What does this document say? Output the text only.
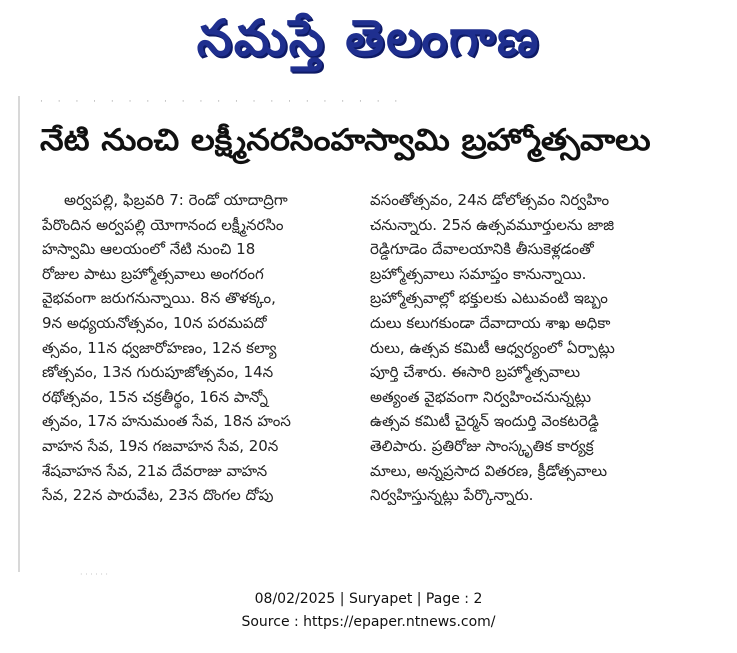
నమస్తే తెలంగాణ
· · · · · · · · · · · · · · · · · · · · ·
నేటి నుంచి లక్ష్మీనరసింహస్వామి బ్రహ్మోత్సవాలు
అర్వపల్లి, ఫిబ్రవరి 7: రెండో యాదాద్రిగా
పేరొందిన అర్వపల్లి యోగానంద లక్ష్మీనరసిం
హస్వామి ఆలయంలో నేటి నుంచి 18
రోజుల పాటు బ్రహ్మోత్సవాలు అంగరంగ
వైభవంగా జరుగనున్నాయి. 8న తొళక్కం,
9న అధ్యయనోత్సవం, 10న పరమపదో
త్సవం, 11న ధ్వజారోహణం, 12న కల్యా
ణోత్సవం, 13న గురుపూజోత్సవం, 14న
రథోత్సవం, 15న చక్రతీర్థం, 16న పాన్నో
త్సవం, 17న హనుమంత సేవ, 18న హంస
వాహన సేవ, 19న గజవాహన సేవ, 20న
శేషవాహన సేవ, 21వ దేవరాజు వాహన
సేవ, 22న పారువేట, 23న దొంగల దోపు
వసంతోత్సవం, 24న డోలోత్సవం నిర్వహిం
చనున్నారు. 25న ఉత్సవమూర్తులను జాజి
రెడ్డిగూడెం దేవాలయానికి తీసుకెళ్లడంతో
బ్రహ్మోత్సవాలు సమాప్తం కానున్నాయి.
బ్రహ్మోత్సవాల్లో భక్తులకు ఎటువంటి ఇబ్బం
దులు కలుగకుండా దేవాదాయ శాఖ అధికా
రులు, ఉత్సవ కమిటీ ఆధ్వర్యంలో ఏర్పాట్లు
పూర్తి చేశారు. ఈసారి బ్రహ్మోత్సవాలు
అత్యంత వైభవంగా నిర్వహించనున్నట్లు
ఉత్సవ కమిటీ చైర్మన్ ఇందుర్తి వెంకటరెడ్డి
తెలిపారు. ప్రతిరోజు సాంస్కృతిక కార్యక్ర
మాలు, అన్నప్రసాద వితరణ, క్రీడోత్సవాలు
నిర్వహిస్తున్నట్లు పేర్కొన్నారు.
· · · · · ·
08/02/2025 | Suryapet | Page : 2
Source : https://epaper.ntnews.com/
